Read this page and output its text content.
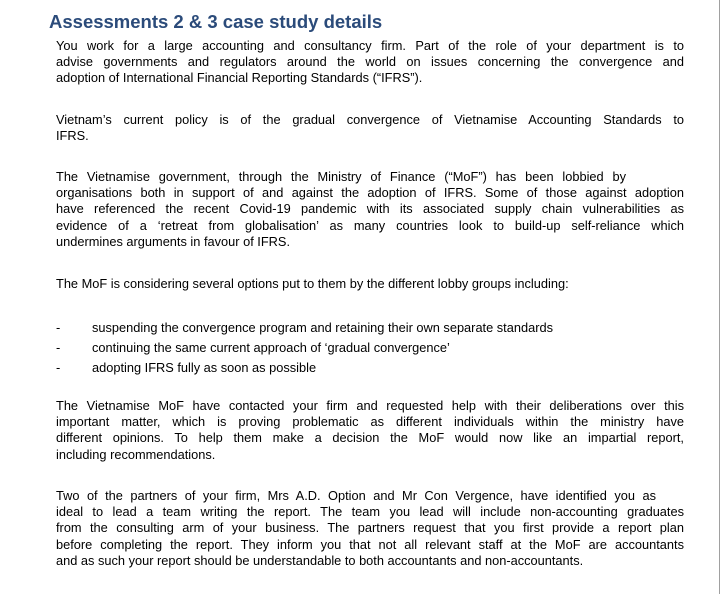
Assessments 2 & 3 case study details

You work for a large accounting and consultancy firm. Part of the role of your department is to
advise governments and regulators around the world on issues concerning the convergence and
adoption of International Financial Reporting Standards (“IFRS”).

Vietnam’s current policy is of the gradual convergence of Vietnamise Accounting Standards to
IFRS.

The Vietnamise government, through the Ministry of Finance (“MoF”) has been lobbied by
organisations both in support of and against the adoption of IFRS. Some of those against adoption
have referenced the recent Covid-19 pandemic with its associated supply chain vulnerabilities as
evidence of a ‘retreat from globalisation’ as many countries look to build-up self-reliance which
undermines arguments in favour of IFRS.

The MoF is considering several options put to them by the different lobby groups including:

- suspending the convergence program and retaining their own separate standards
- continuing the same current approach of ‘gradual convergence’
- adopting IFRS fully as soon as possible

The Vietnamise MoF have contacted your firm and requested help with their deliberations over this
important matter, which is proving problematic as different individuals within the ministry have
different opinions. To help them make a decision the MoF would now like an impartial report,
including recommendations.

Two of the partners of your firm, Mrs A.D. Option and Mr Con Vergence, have identified you as
ideal to lead a team writing the report. The team you lead will include non-accounting graduates
from the consulting arm of your business. The partners request that you first provide a report plan
before completing the report. They inform you that not all relevant staff at the MoF are accountants
and as such your report should be understandable to both accountants and non-accountants.
